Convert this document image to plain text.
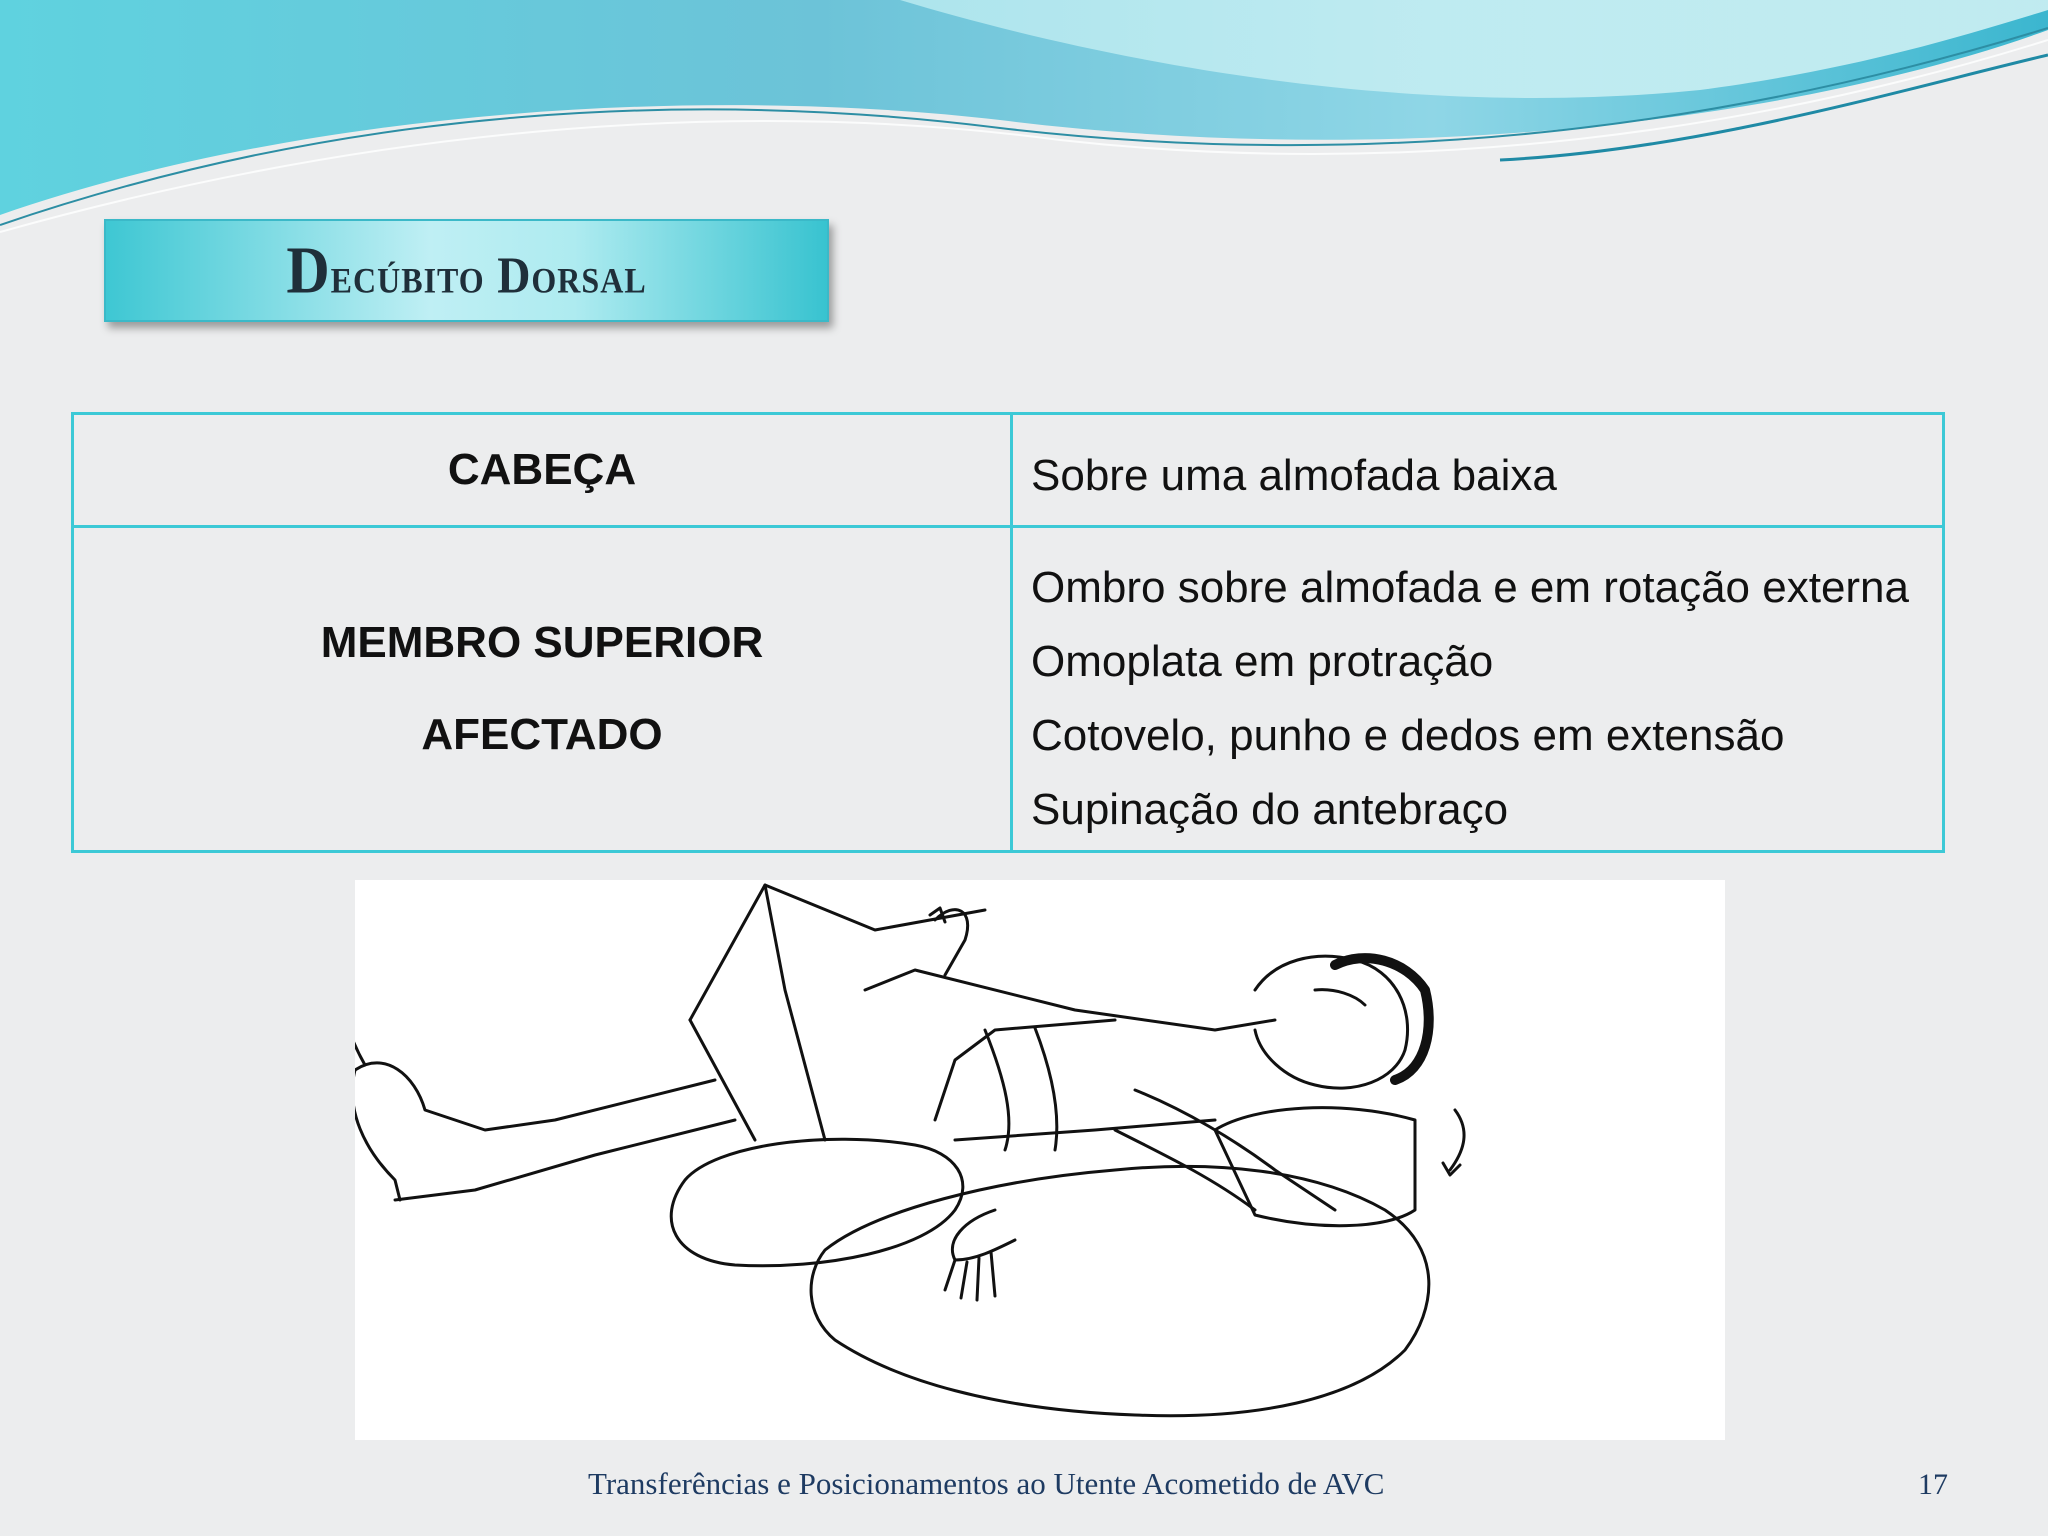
Decúbito Dorsal
CABEÇA	Sobre uma almofada baixa

MEMBRO SUPERIOR
AFECTADO	Ombro sobre almofada e em rotação externa
Omoplata em protração
Cotovelo, punho e dedos em extensão
Supinação do antebraço
Transferências e Posicionamentos ao Utente Acometido de AVC	17
